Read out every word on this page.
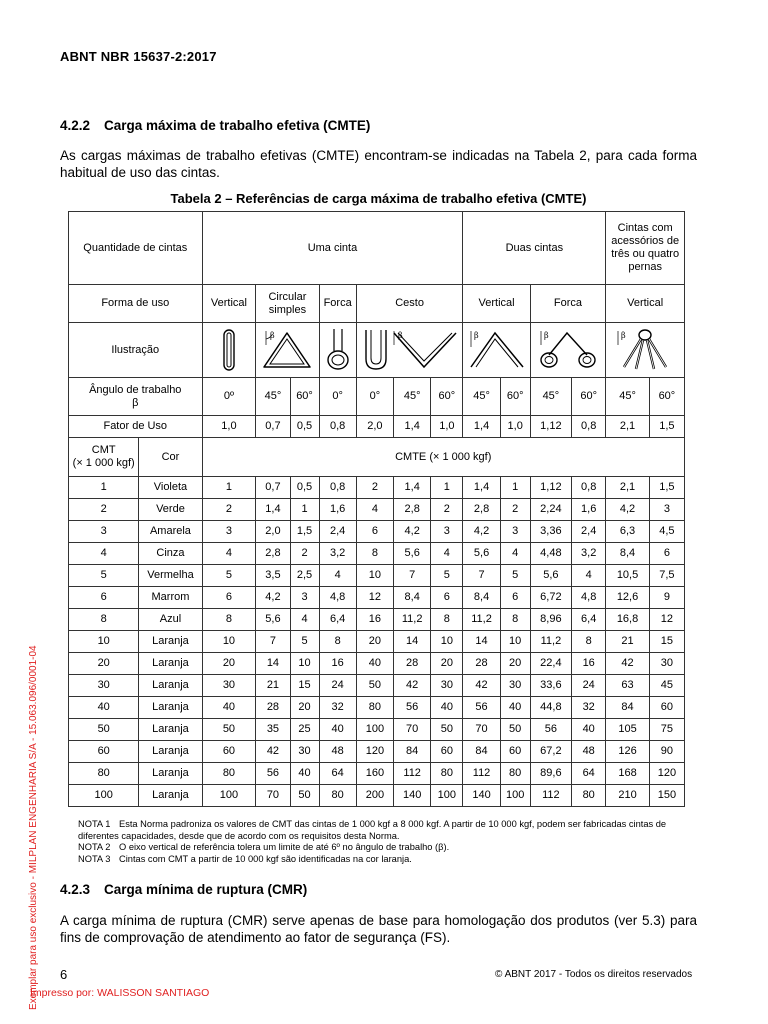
ABNT NBR 15637-2:2017
4.2.2 Carga máxima de trabalho efetiva (CMTE)
As cargas máximas de trabalho efetivas (CMTE) encontram-se indicadas na Tabela 2, para cada forma habitual de uso das cintas.
Tabela 2 – Referências de carga máxima de trabalho efetiva (CMTE)
Quantidade de cintas		Uma cinta							Duas cintas				Cintas com acessórios de três ou quatro pernas	
Forma de uso		Vertical	Circular simples		Forca	Cesto			Vertical		Forca		Vertical	
Ilustração			β			β			β		β		β	

Ângulo de trabalho
β		0º	45°	60°	0°	0°	45°	60°	45°	60°	45°	60°	45°	60°
Fator de Uso		1,0	0,7	0,5	0,8	2,0	1,4	1,0	1,4	1,0	1,12	0,8	2,1	1,5
CMT
(× 1 000 kgf)	Cor	CMTE (× 1 000 kgf)												
1	Violeta	1	0,7	0,5	0,8	2	1,4	1	1,4	1	1,12	0,8	2,1	1,5
2	Verde	2	1,4	1	1,6	4	2,8	2	2,8	2	2,24	1,6	4,2	3
3	Amarela	3	2,0	1,5	2,4	6	4,2	3	4,2	3	3,36	2,4	6,3	4,5
4	Cinza	4	2,8	2	3,2	8	5,6	4	5,6	4	4,48	3,2	8,4	6
5	Vermelha	5	3,5	2,5	4	10	7	5	7	5	5,6	4	10,5	7,5
6	Marrom	6	4,2	3	4,8	12	8,4	6	8,4	6	6,72	4,8	12,6	9
8	Azul	8	5,6	4	6,4	16	11,2	8	11,2	8	8,96	6,4	16,8	12
10	Laranja	10	7	5	8	20	14	10	14	10	11,2	8	21	15
20	Laranja	20	14	10	16	40	28	20	28	20	22,4	16	42	30
30	Laranja	30	21	15	24	50	42	30	42	30	33,6	24	63	45
40	Laranja	40	28	20	32	80	56	40	56	40	44,8	32	84	60
50	Laranja	50	35	25	40	100	70	50	70	50	56	40	105	75
60	Laranja	60	42	30	48	120	84	60	84	60	67,2	48	126	90
80	Laranja	80	56	40	64	160	112	80	112	80	89,6	64	168	120
100	Laranja	100	70	50	80	200	140	100	140	100	112	80	210	150
NOTA 1 Esta Norma padroniza os valores de CMT das cintas de 1 000 kgf a 8 000 kgf. A partir de 10 000 kgf, podem ser fabricadas cintas de diferentes capacidades, desde que de acordo com os requisitos desta Norma.
NOTA 2 O eixo vertical de referência tolera um limite de até 6º no ângulo de trabalho (β).
NOTA 3 Cintas com CMT a partir de 10 000 kgf são identificadas na cor laranja.
4.2.3 Carga mínima de ruptura (CMR)
A carga mínima de ruptura (CMR) serve apenas de base para homologação dos produtos (ver 5.3) para fins de comprovação de atendimento ao fator de segurança (FS).
6	© ABNT 2017 - Todos os direitos reservados
Impresso por: WALISSON SANTIAGO
Exemplar para uso exclusivo - MILPLAN ENGENHARIA S/A - 15.063.096/0001-04
